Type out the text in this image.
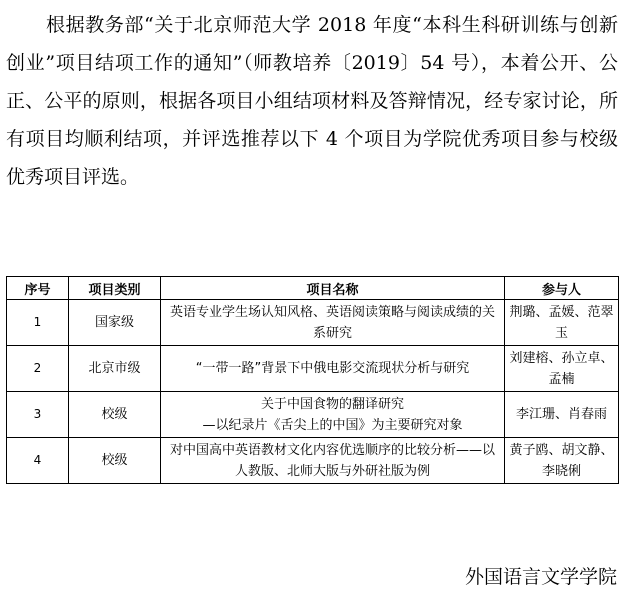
根据教务部“关于北京师范大学 2018 年度“本科生科研训练与创新创业”项目结项工作的通知”（师教培养〔2019〕54 号），本着公开、公正、公平的原则，根据各项目小组结项材料及答辩情况，经专家讨论，所有项目均顺利结项，并评选推荐以下 4 个项目为学院优秀项目参与校级优秀项目评选。

序号	项目类别	项目名称	参与人
1	国家级	英语专业学生场认知风格、英语阅读策略与阅读成绩的关系研究	荆璐、孟媛、范翠玉
2	北京市级	“一带一路”背景下中俄电影交流现状分析与研究	刘建榕、孙立卓、孟楠
3	校级	关于中国食物的翻译研究
—以纪录片《舌尖上的中国》为主要研究对象	李江珊、肖春雨
4	校级	对中国高中英语教材文化内容优选顺序的比较分析——以人教版、北师大版与外研社版为例	黄子鸥、胡文静、李晓俐
外国语言文学学院
